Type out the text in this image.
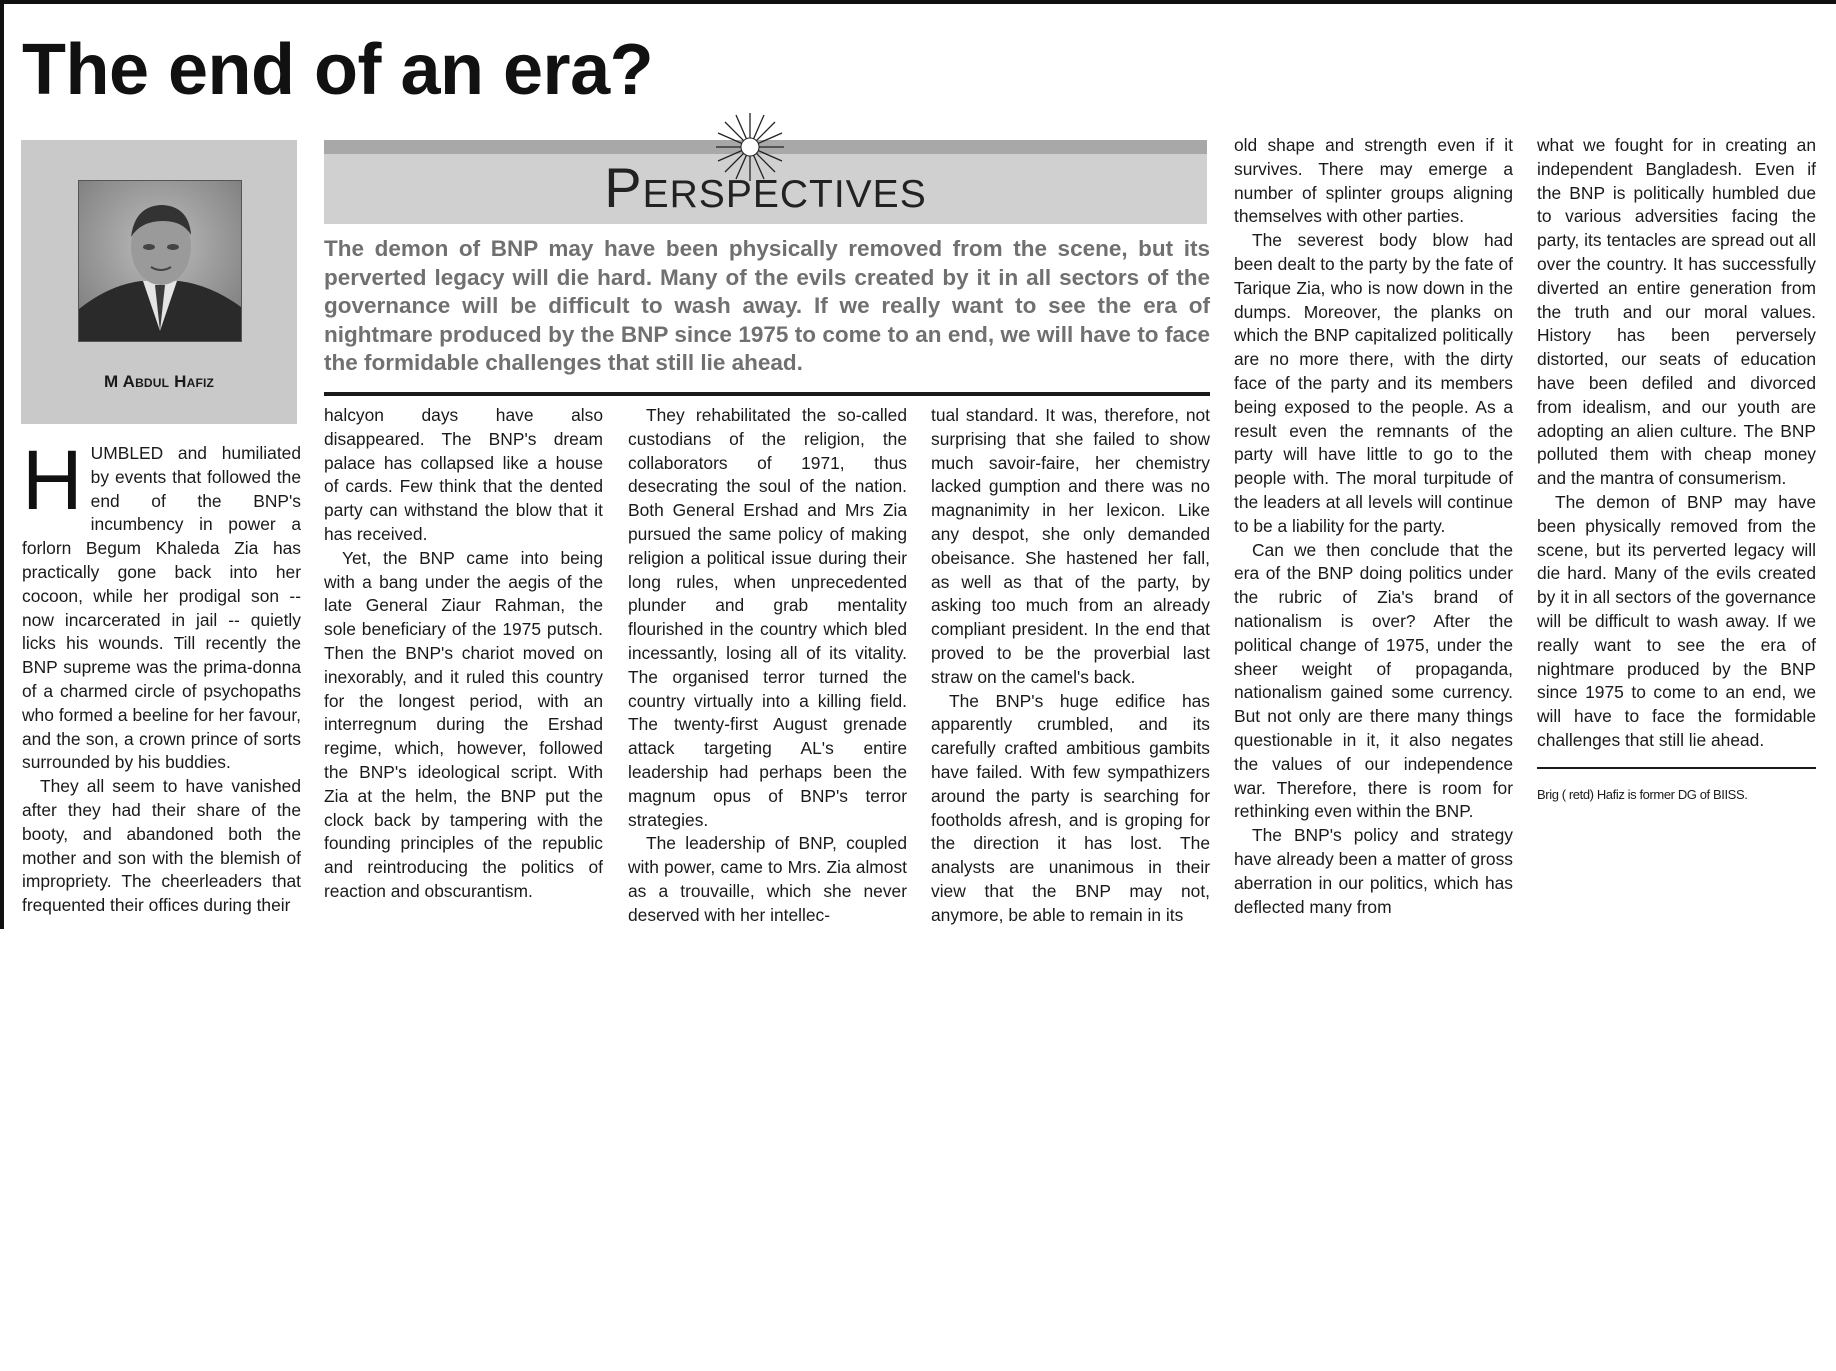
The end of an era?
M Abdul Hafiz
Perspectives

The demon of BNP may have been physically removed from the scene, but its perverted legacy will die hard. Many of the evils created by it in all sectors of the governance will be difficult to wash away. If we really want to see the era of nightmare produced by the BNP since 1975 to come to an end, we will have to face the formidable challenges that still lie ahead.

HUMBLED and humiliated by events that followed the end of the BNP's incumbency in power a forlorn Begum Khaleda Zia has practically gone back into her cocoon, while her prodigal son -- now incarcerated in jail -- quietly licks his wounds. Till recently the BNP supreme was the prima-donna of a charmed circle of psychopaths who formed a beeline for her favour, and the son, a crown prince of sorts surrounded by his buddies.

They all seem to have vanished after they had their share of the booty, and abandoned both the mother and son with the blemish of impropriety. The cheerleaders that frequented their offices during their

halcyon days have also disappeared. The BNP's dream palace has collapsed like a house of cards. Few think that the dented party can withstand the blow that it has received.

Yet, the BNP came into being with a bang under the aegis of the late General Ziaur Rahman, the sole beneficiary of the 1975 putsch. Then the BNP's chariot moved on inexorably, and it ruled this country for the longest period, with an interregnum during the Ershad regime, which, however, followed the BNP's ideological script. With Zia at the helm, the BNP put the clock back by tampering with the founding principles of the republic and reintroducing the politics of reaction and obscurantism.

They rehabilitated the so-called custodians of the religion, the collaborators of 1971, thus desecrating the soul of the nation. Both General Ershad and Mrs Zia pursued the same policy of making religion a political issue during their long rules, when unprecedented plunder and grab mentality flourished in the country which bled incessantly, losing all of its vitality. The organised terror turned the country virtually into a killing field. The twenty-first August grenade attack targeting AL's entire leadership had perhaps been the magnum opus of BNP's terror strategies.

The leadership of BNP, coupled with power, came to Mrs. Zia almost as a trouvaille, which she never deserved with her intellec-

tual standard. It was, therefore, not surprising that she failed to show much savoir-faire, her chemistry lacked gumption and there was no magnanimity in her lexicon. Like any despot, she only demanded obeisance. She hastened her fall, as well as that of the party, by asking too much from an already compliant president. In the end that proved to be the proverbial last straw on the camel's back.

The BNP's huge edifice has apparently crumbled, and its carefully crafted ambitious gambits have failed. With few sympathizers around the party is searching for footholds afresh, and is groping for the direction it has lost. The analysts are unanimous in their view that the BNP may not, anymore, be able to remain in its

old shape and strength even if it survives. There may emerge a number of splinter groups aligning themselves with other parties.

The severest body blow had been dealt to the party by the fate of Tarique Zia, who is now down in the dumps. Moreover, the planks on which the BNP capitalized politically are no more there, with the dirty face of the party and its members being exposed to the people. As a result even the remnants of the party will have little to go to the people with. The moral turpitude of the leaders at all levels will continue to be a liability for the party.

Can we then conclude that the era of the BNP doing politics under the rubric of Zia's brand of nationalism is over? After the political change of 1975, under the sheer weight of propaganda, nationalism gained some currency. But not only are there many things questionable in it, it also negates the values of our independence war. Therefore, there is room for rethinking even within the BNP.

The BNP's policy and strategy have already been a matter of gross aberration in our politics, which has deflected many from

what we fought for in creating an independent Bangladesh. Even if the BNP is politically humbled due to various adversities facing the party, its tentacles are spread out all over the country. It has successfully diverted an entire generation from the truth and our moral values. History has been perversely distorted, our seats of education have been defiled and divorced from idealism, and our youth are adopting an alien culture. The BNP polluted them with cheap money and the mantra of consumerism.

The demon of BNP may have been physically removed from the scene, but its perverted legacy will die hard. Many of the evils created by it in all sectors of the governance will be difficult to wash away. If we really want to see the era of nightmare produced by the BNP since 1975 to come to an end, we will have to face the formidable challenges that still lie ahead.

Brig ( retd) Hafiz is former DG of BIISS.
